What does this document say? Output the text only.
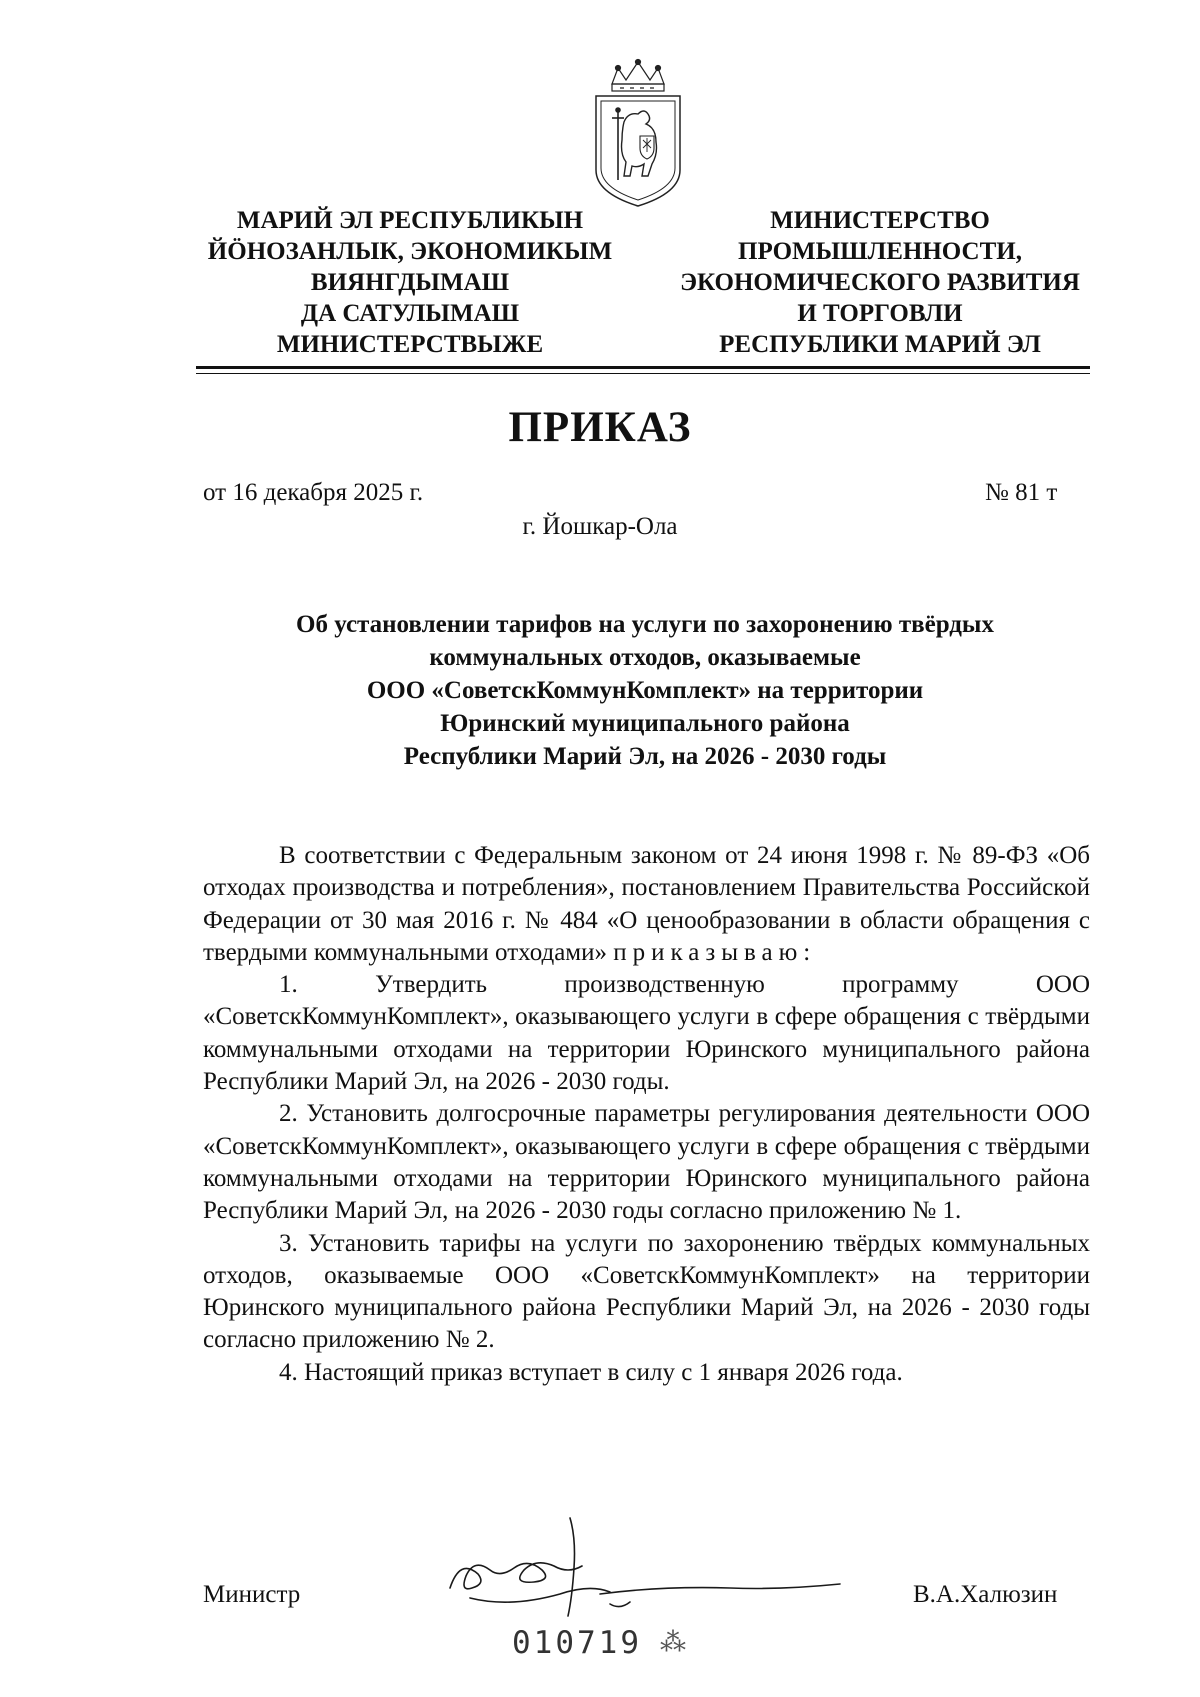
МАРИЙ ЭЛ РЕСПУБЛИКЫН
ЙӦНОЗАНЛЫК, ЭКОНОМИКЫМ
ВИЯНГДЫМАШ
ДА САТУЛЫМАШ
МИНИСТЕРСТВЫЖЕ
МИНИСТЕРСТВО
ПРОМЫШЛЕННОСТИ,
ЭКОНОМИЧЕСКОГО РАЗВИТИЯ
И ТОРГОВЛИ
РЕСПУБЛИКИ МАРИЙ ЭЛ
ПРИКАЗ
от 16 декабря 2025 г.	№ 81 т
г. Йошкар-Ола
Об установлении тарифов на услуги по захоронению твёрдых
коммунальных отходов, оказываемые
ООО «СоветскКоммунКомплект» на территории
Юринский муниципального района
Республики Марий Эл, на 2026 - 2030 годы

В соответствии с Федеральным законом от 24 июня 1998 г. № 89-ФЗ «Об отходах производства и потребления», постановлением Правительства Российской Федерации от 30 мая 2016 г. № 484 «О ценообразовании в области обращения с твердыми коммунальными отходами» приказываю:

1. Утвердить производственную программу ООО «СоветскКоммунКомплект», оказывающего услуги в сфере обращения с твёрдыми коммунальными отходами на территории Юринского муниципального района Республики Марий Эл, на 2026 - 2030 годы.

2. Установить долгосрочные параметры регулирования деятельности ООО «СоветскКоммунКомплект», оказывающего услуги в сфере обращения с твёрдыми коммунальными отходами на территории Юринского муниципального района Республики Марий Эл, на 2026 - 2030 годы согласно приложению № 1.

3. Установить тарифы на услуги по захоронению твёрдых коммунальных отходов, оказываемые ООО «СоветскКоммунКомплект» на территории Юринского муниципального района Республики Марий Эл, на 2026 - 2030 годы согласно приложению № 2.

4. Настоящий приказ вступает в силу с 1 января 2026 года.

Министр	В.А.Халюзин
010719 ⁂
